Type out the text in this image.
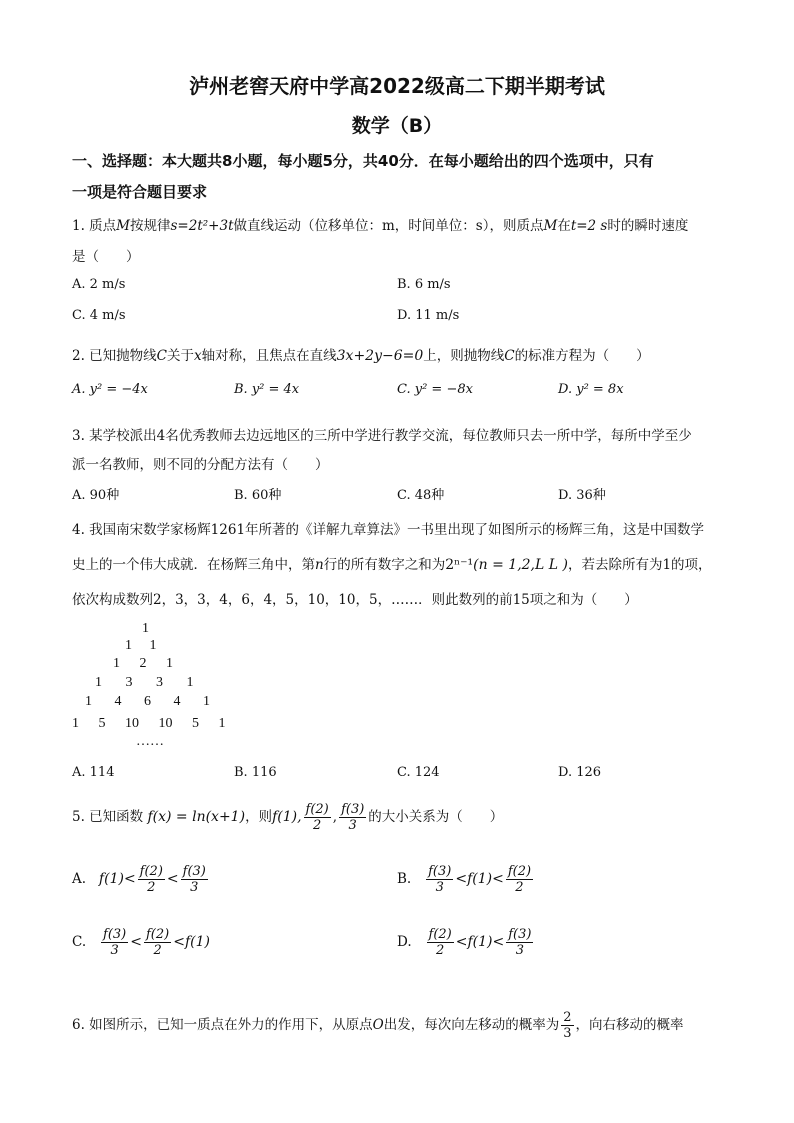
泸州老窖天府中学高2022级高二下期半期考试
数学（B）
一、选择题：本大题共8小题，每小题5分，共40分．在每小题给出的四个选项中，只有
一项是符合题目要求
1. 质点M按规律s=2t²+3t做直线运动（位移单位：m，时间单位：s），则质点M在t=2 s时的瞬时速度
是（　　）
A. 2 m/s	B. 6 m/s
C. 4 m/s	D. 11 m/s
2. 已知抛物线C关于x轴对称，且焦点在直线3x+2y−6=0上，则抛物线C的标准方程为（　　）
A. y² = −4x	B. y² = 4x	C. y² = −8x	D. y² = 8x
3. 某学校派出4名优秀教师去边远地区的三所中学进行教学交流，每位教师只去一所中学，每所中学至少
派一名教师，则不同的分配方法有（　　）
A. 90种	B. 60种	C. 48种	D. 36种
4. 我国南宋数学家杨辉1261年所著的《详解九章算法》一书里出现了如图所示的杨辉三角，这是中国数学
史上的一个伟大成就．在杨辉三角中，第n行的所有数字之和为2ⁿ⁻¹(n = 1,2,L L )，若去除所有为1的项，
依次构成数列2，3，3，4，6，4，5，10，10，5，……．则此数列的前15项之和为（　　）
1
1 1
1 2 1
1 3 3 1
1 4 6 4 1
1 5 10 10 5 1
……
A. 114	B. 116	C. 124	D. 126
5. 已知函数 f(x) = ln(x+1)，则f(1), $\frac{f(2)}{2}$ , $\frac{f(3)}{3}$ 的大小关系为（　　）
A. $f(1)< \frac{f(2)}{2} < \frac{f(3)}{3}$	B. $\frac{f(3)}{3} <f(1)< \frac{f(2)}{2}$
C. $\frac{f(3)}{3} < \frac{f(2)}{2} <f(1)$	D. $\frac{f(2)}{2} <f(1)< \frac{f(3)}{3}$
6. 如图所示，已知一质点在外力的作用下，从原点O出发，每次向左移动的概率为 $\frac{2}{3}$ ，向右移动的概率
